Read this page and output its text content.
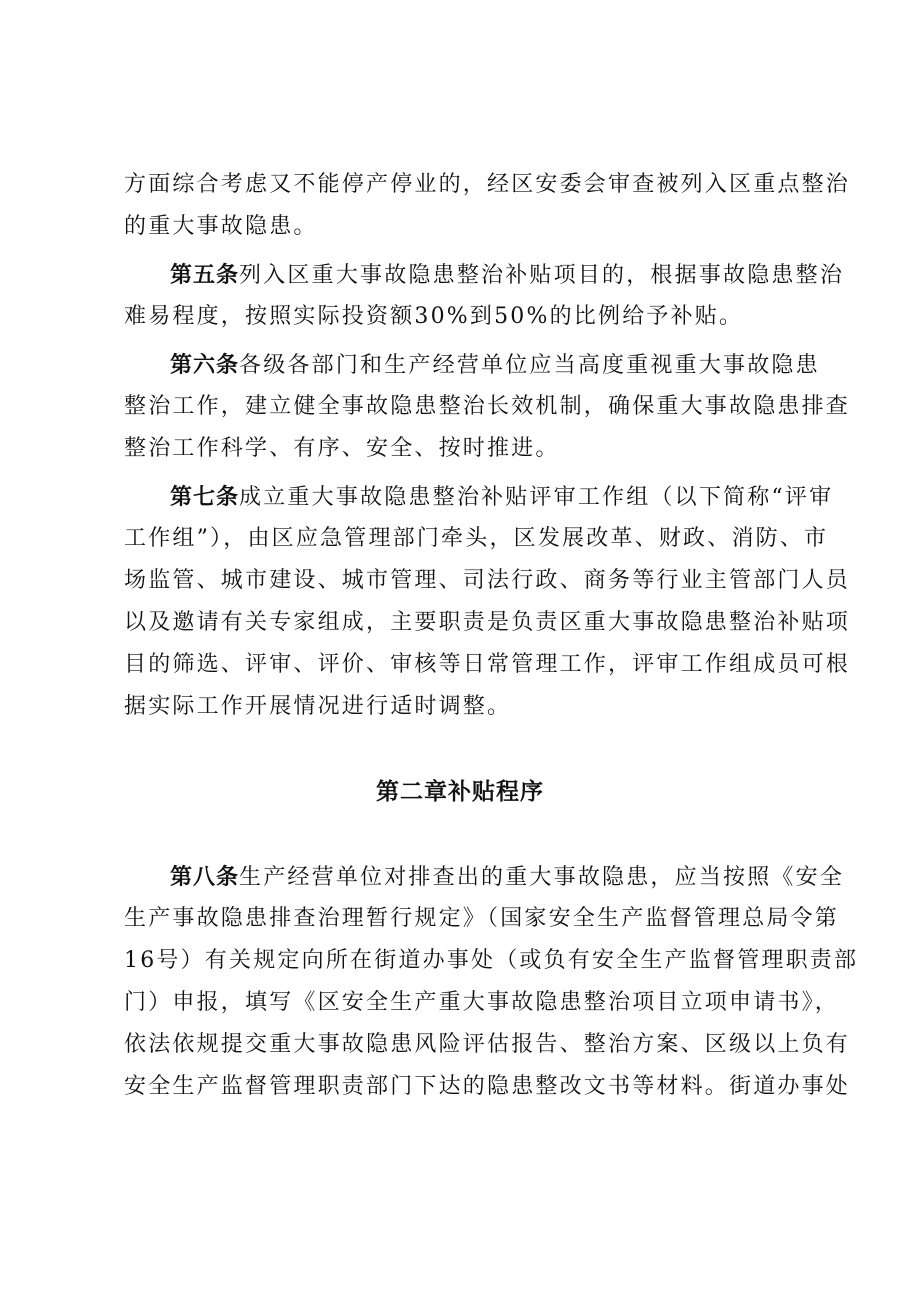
方面综合考虑又不能停产停业的，经区安委会审查被列入区重点整治
的重大事故隐患。
第五条列入区重大事故隐患整治补贴项目的，根据事故隐患整治
难易程度，按照实际投资额30%到50%的比例给予补贴。
第六条各级各部门和生产经营单位应当高度重视重大事故隐患
整治工作，建立健全事故隐患整治长效机制，确保重大事故隐患排查
整治工作科学、有序、安全、按时推进。
第七条成立重大事故隐患整治补贴评审工作组（以下简称“评审
工作组”），由区应急管理部门牵头，区发展改革、财政、消防、市
场监管、城市建设、城市管理、司法行政、商务等行业主管部门人员
以及邀请有关专家组成，主要职责是负责区重大事故隐患整治补贴项
目的筛选、评审、评价、审核等日常管理工作，评审工作组成员可根
据实际工作开展情况进行适时调整。
第二章补贴程序
第八条生产经营单位对排查出的重大事故隐患，应当按照《安全
生产事故隐患排查治理暂行规定》（国家安全生产监督管理总局令第
16号）有关规定向所在街道办事处（或负有安全生产监督管理职责部
门）申报，填写《区安全生产重大事故隐患整治项目立项申请书》，
依法依规提交重大事故隐患风险评估报告、整治方案、区级以上负有
安全生产监督管理职责部门下达的隐患整改文书等材料。街道办事处
